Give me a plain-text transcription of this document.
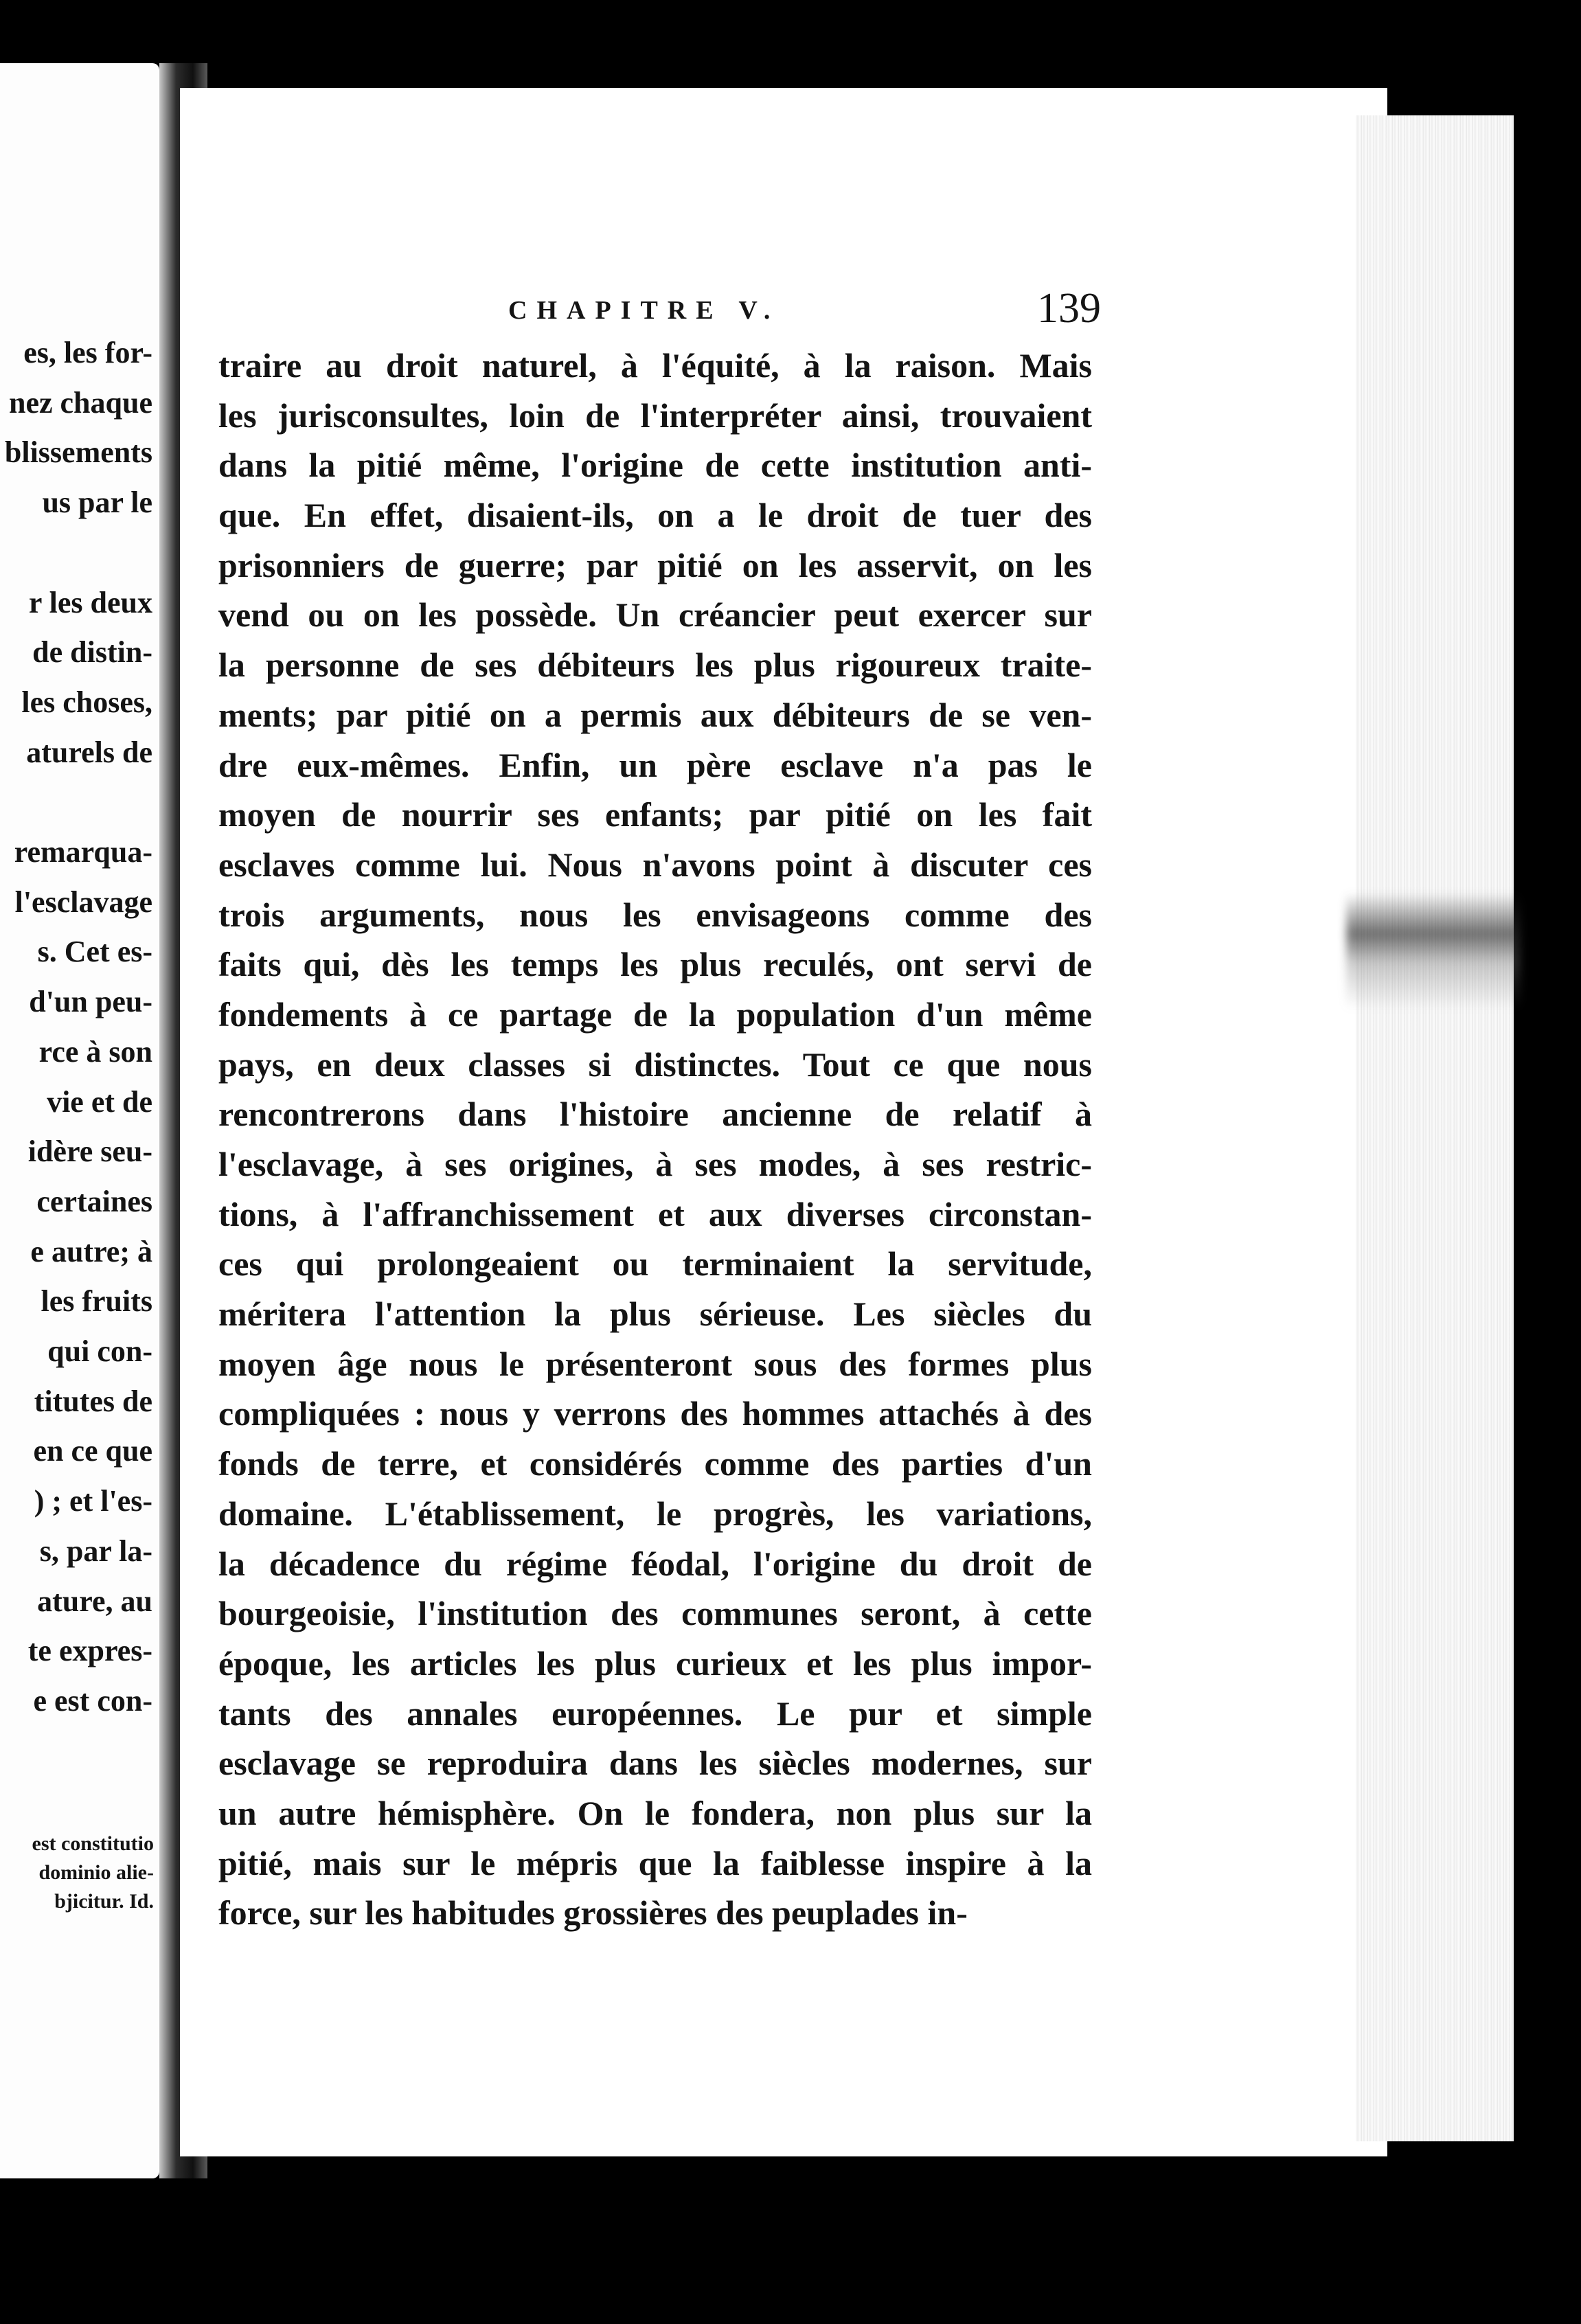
es, les for-
nez chaque
blissements
us par le
r les deux
de distin-
les choses,
aturels de
remarqua-
l'esclavage
s. Cet es-
d'un peu-
rce à son
vie et de
idère seu-
certaines
e autre; à
les fruits
qui con-
titutes de
en ce que
) ; et l'es-
s, par la-
ature, au
te expres-
e est con-
est constitutio
dominio alie-
bjicitur. Id.
CHAPITRE V.	139
traire au droit naturel, à l'équité, à la raison. Mais
les jurisconsultes, loin de l'interpréter ainsi, trouvaient
dans la pitié même, l'origine de cette institution anti-
que. En effet, disaient-ils, on a le droit de tuer des
prisonniers de guerre; par pitié on les asservit, on les
vend ou on les possède. Un créancier peut exercer sur
la personne de ses débiteurs les plus rigoureux traite-
ments; par pitié on a permis aux débiteurs de se ven-
dre eux-mêmes. Enfin, un père esclave n'a pas le
moyen de nourrir ses enfants; par pitié on les fait
esclaves comme lui. Nous n'avons point à discuter ces
trois arguments, nous les envisageons comme des
faits qui, dès les temps les plus reculés, ont servi de
fondements à ce partage de la population d'un même
pays, en deux classes si distinctes. Tout ce que nous
rencontrerons dans l'histoire ancienne de relatif à
l'esclavage, à ses origines, à ses modes, à ses restric-
tions, à l'affranchissement et aux diverses circonstan-
ces qui prolongeaient ou terminaient la servitude,
méritera l'attention la plus sérieuse. Les siècles du
moyen âge nous le présenteront sous des formes plus
compliquées : nous y verrons des hommes attachés à des
fonds de terre, et considérés comme des parties d'un
domaine. L'établissement, le progrès, les variations,
la décadence du régime féodal, l'origine du droit de
bourgeoisie, l'institution des communes seront, à cette
époque, les articles les plus curieux et les plus impor-
tants des annales européennes. Le pur et simple
esclavage se reproduira dans les siècles modernes, sur
un autre hémisphère. On le fondera, non plus sur la
pitié, mais sur le mépris que la faiblesse inspire à la
force, sur les habitudes grossières des peuplades in-
